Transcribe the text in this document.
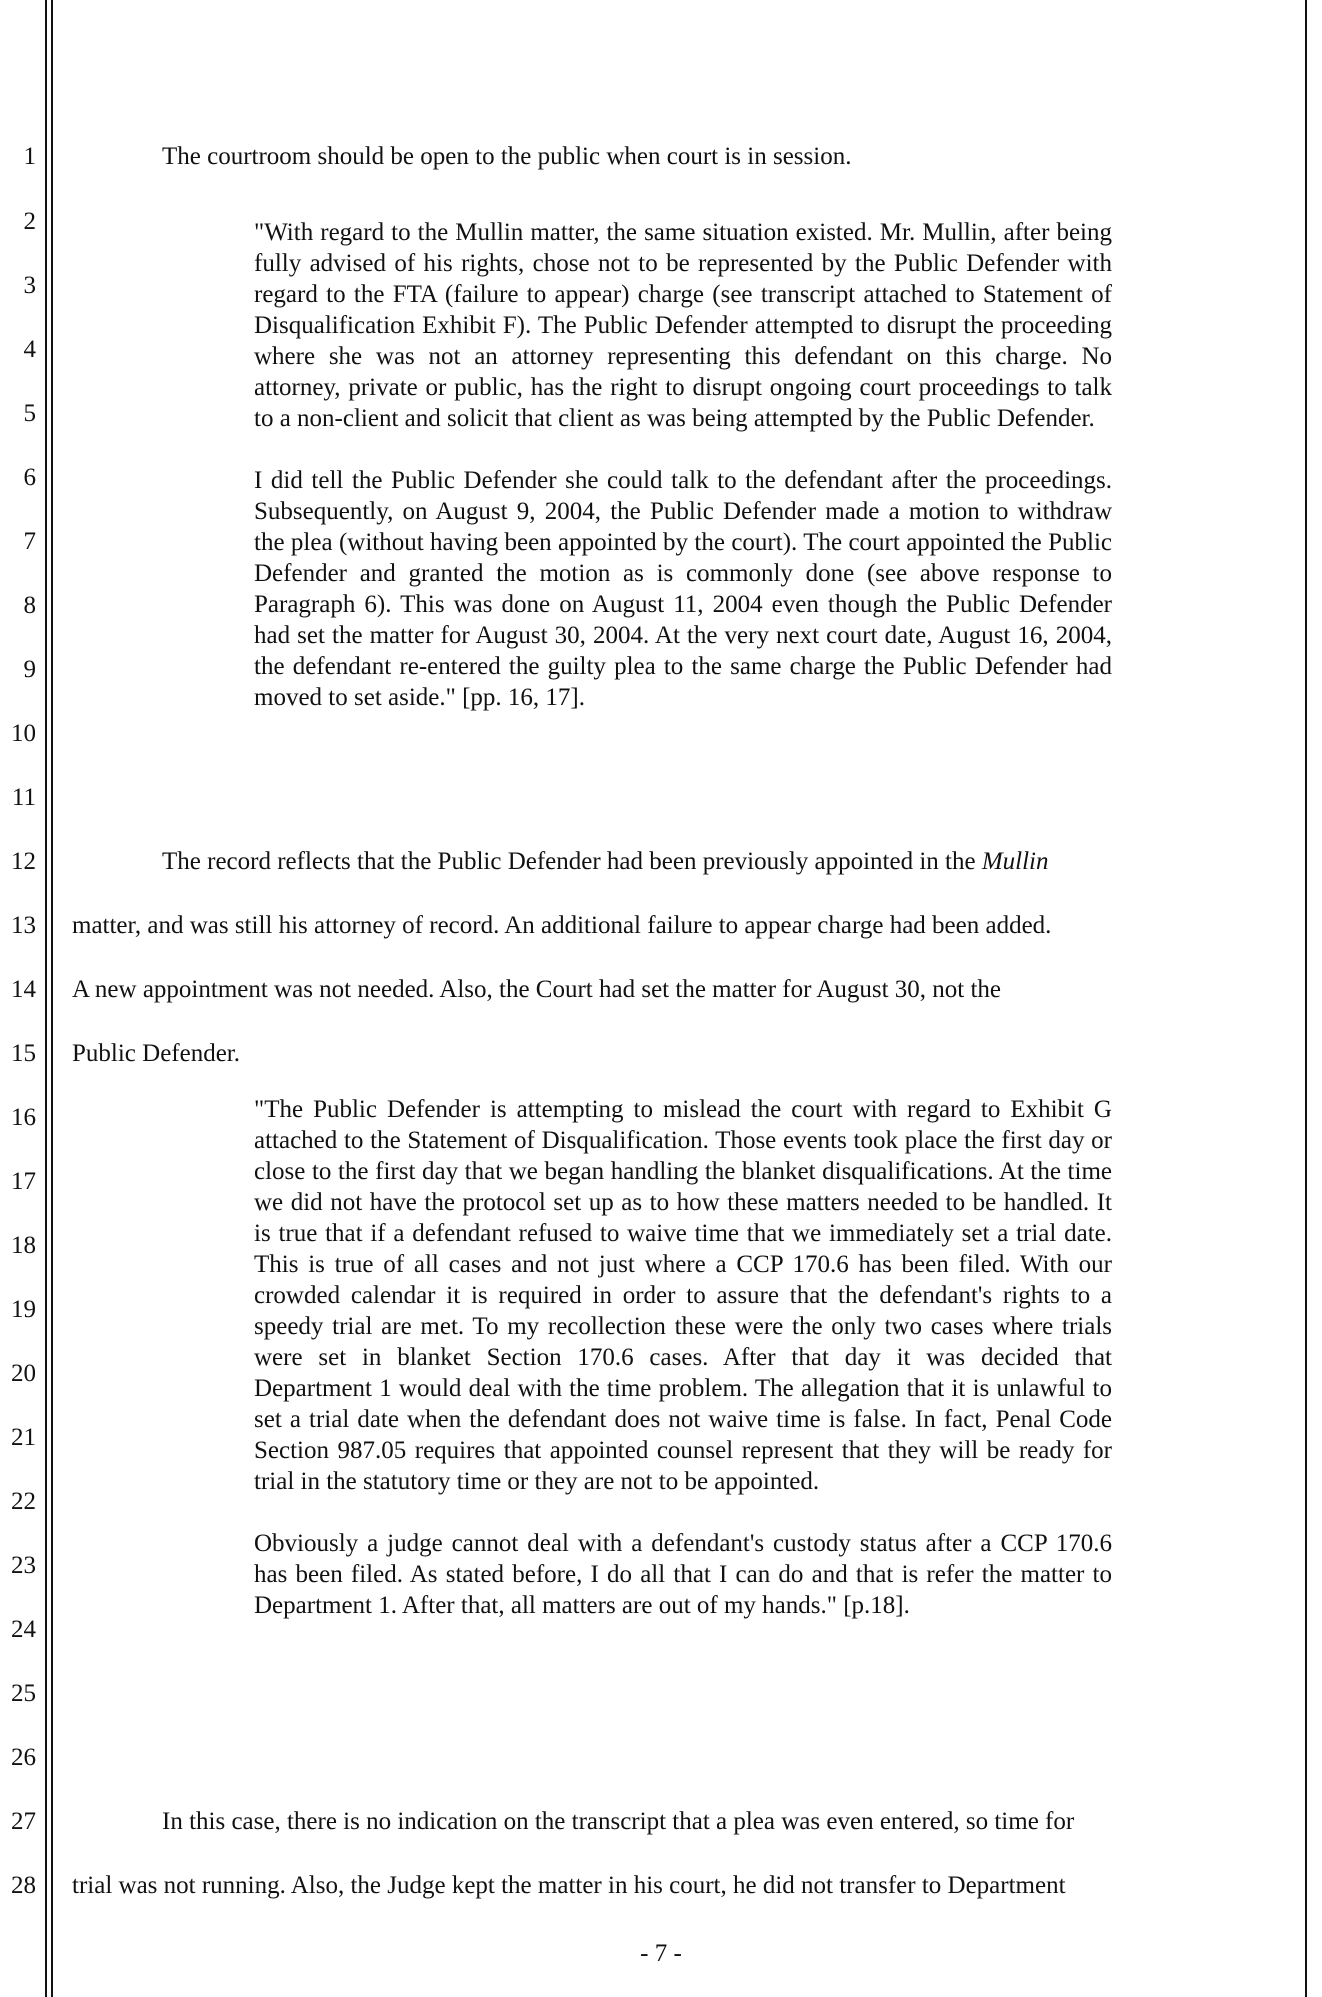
1
2
3
4
5
6
7
8
9
10
11
12
13
14
15
16
17
18
19
20
21
22
23
24
25
26
27
28
The courtroom should be open to the public when court is in session.

"With regard to the Mullin matter, the same situation existed. Mr. Mullin, after being fully advised of his rights, chose not to be represented by the Public Defender with regard to the FTA (failure to appear) charge (see transcript attached to Statement of Disqualification Exhibit F). The Public Defender attempted to disrupt the proceeding where she was not an attorney representing this defendant on this charge. No attorney, private or public, has the right to disrupt ongoing court proceedings to talk to a non-client and solicit that client as was being attempted by the Public Defender.

I did tell the Public Defender she could talk to the defendant after the proceedings. Subsequently, on August 9, 2004, the Public Defender made a motion to withdraw the plea (without having been appointed by the court). The court appointed the Public Defender and granted the motion as is commonly done (see above response to Paragraph 6). This was done on August 11, 2004 even though the Public Defender had set the matter for August 30, 2004. At the very next court date, August 16, 2004, the defendant re-entered the guilty plea to the same charge the Public Defender had moved to set aside." [pp. 16, 17].

The record reflects that the Public Defender had been previously appointed in the Mullin
matter, and was still his attorney of record. An additional failure to appear charge had been added.
A new appointment was not needed. Also, the Court had set the matter for August 30, not the
Public Defender.

"The Public Defender is attempting to mislead the court with regard to Exhibit G attached to the Statement of Disqualification. Those events took place the first day or close to the first day that we began handling the blanket disqualifications. At the time we did not have the protocol set up as to how these matters needed to be handled. It is true that if a defendant refused to waive time that we immediately set a trial date. This is true of all cases and not just where a CCP 170.6 has been filed. With our crowded calendar it is required in order to assure that the defendant's rights to a speedy trial are met. To my recollection these were the only two cases where trials were set in blanket Section 170.6 cases. After that day it was decided that Department 1 would deal with the time problem. The allegation that it is unlawful to set a trial date when the defendant does not waive time is false. In fact, Penal Code Section 987.05 requires that appointed counsel represent that they will be ready for trial in the statutory time or they are not to be appointed.

Obviously a judge cannot deal with a defendant's custody status after a CCP 170.6 has been filed. As stated before, I do all that I can do and that is refer the matter to Department 1. After that, all matters are out of my hands." [p.18].

In this case, there is no indication on the transcript that a plea was even entered, so time for
trial was not running. Also, the Judge kept the matter in his court, he did not transfer to Department
- 7 -
